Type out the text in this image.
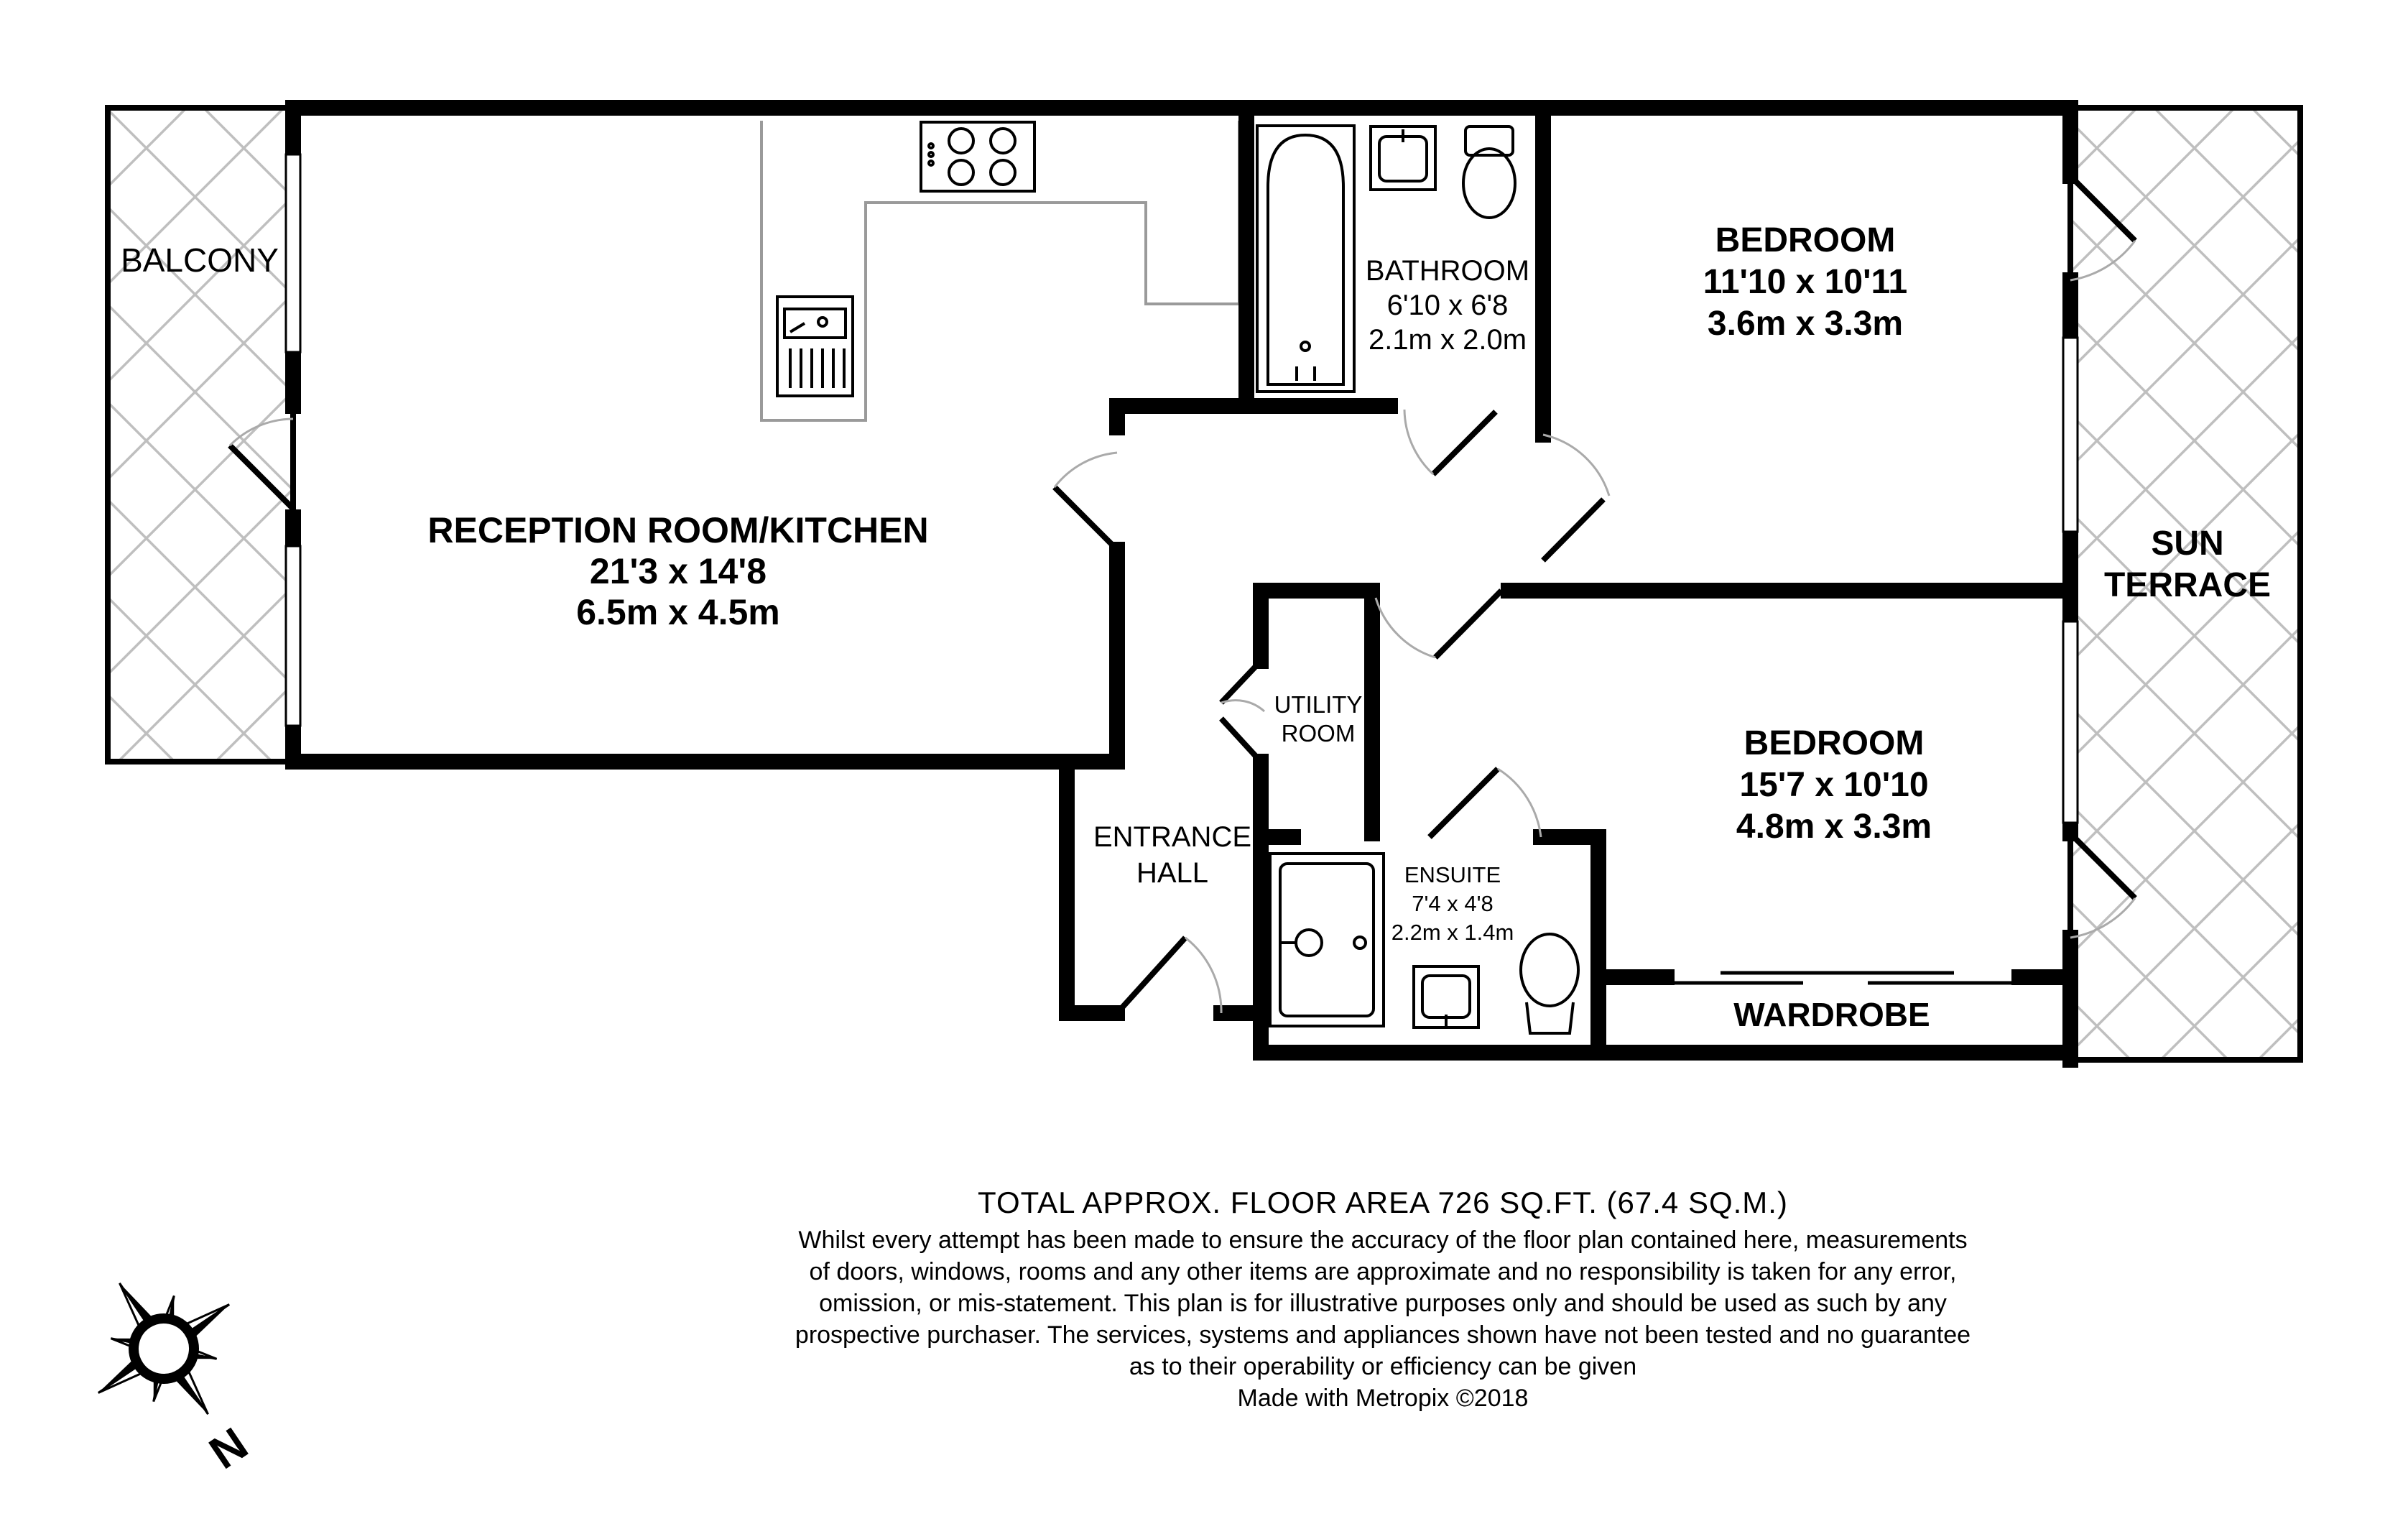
BALCONY
RECEPTION ROOM/KITCHEN
21'3 x 14'8
6.5m x 4.5m
BATHROOM
6'10 x 6'8
2.1m x 2.0m
BEDROOM
11'10 x 10'11
3.6m x 3.3m
SUN
TERRACE
BEDROOM
15'7 x 10'10
4.8m x 3.3m
UTILITY
ROOM
ENTRANCE
HALL	ENSUITE
7'4 x 4'8
2.2m x 1.4m
WARDROBE
N
TOTAL APPROX. FLOOR AREA 726 SQ.FT. (67.4 SQ.M.)
Whilst every attempt has been made to ensure the accuracy of the floor plan contained here, measurements
of doors, windows, rooms and any other items are approximate and no responsibility is taken for any error,
omission, or mis-statement. This plan is for illustrative purposes only and should be used as such by any
prospective purchaser. The services, systems and appliances shown have not been tested and no guarantee
as to their operability or efficiency can be given
Made with Metropix ©2018
